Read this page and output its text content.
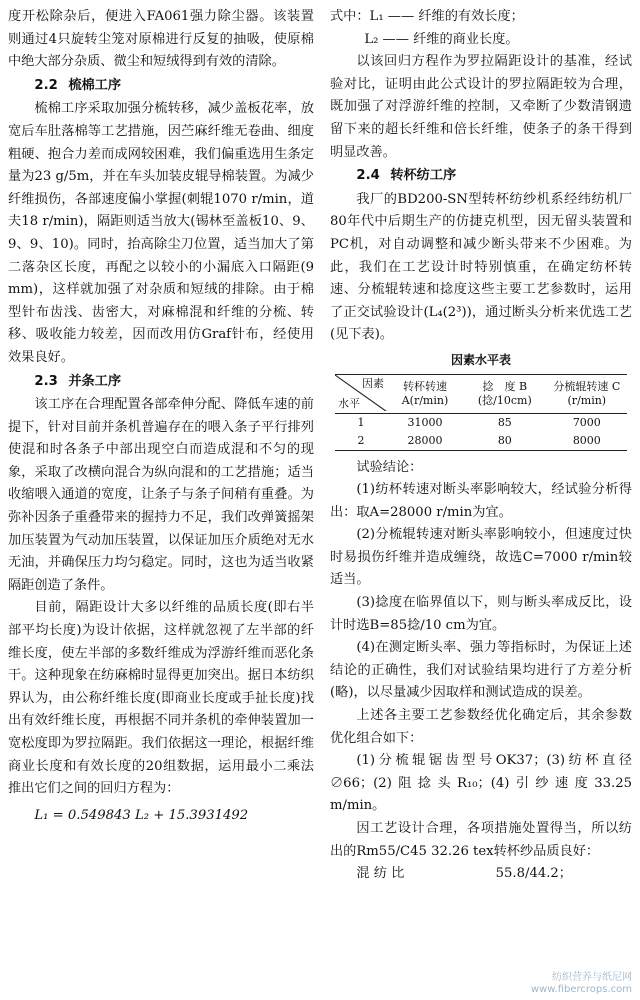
度开松除杂后，便进入FA061强力除尘器。该装置则通过4只旋转尘笼对原棉进行反复的抽吸，使原棉中绝大部分杂质、微尘和短绒得到有效的清除。

2.2 梳棉工序

梳棉工序采取加强分梳转移，减少盖板花率，放宽后车肚落棉等工艺措施，因苎麻纤维无卷曲、细度粗硬、抱合力差而成网较困难，我们偏重选用生条定量为23 g/5m，并在车头加装皮辊导棉装置。为减少纤维损伤，各部速度偏小掌握(刺辊1070 r/min，道夫18 r/min)，隔距则适当放大(锡林至盖板10、9、9、9、10)。同时，抬高除尘刀位置，适当加大了第二落杂区长度，再配之以较小的小漏底入口隔距(9 mm)，这样就加强了对杂质和短绒的排除。由于棉型针布齿浅、齿密大，对麻棉混和纤维的分梳、转移、吸收能力较差，因而改用仿Graf针布，经使用效果良好。

2.3 并条工序

该工序在合理配置各部牵伸分配、降低车速的前提下，针对目前并条机普遍存在的喂入条子平行排列使混和时各条子中部出现空白而造成混和不匀的现象，采取了改横向混合为纵向混和的工艺措施；适当收缩喂入通道的宽度，让条子与条子间稍有重叠。为弥补因条子重叠带来的握持力不足，我们改弹簧摇架加压装置为气动加压装置，以保证加压介质绝对无水无油，并确保压力均匀稳定。同时，这也为适当收紧隔距创造了条件。

目前，隔距设计大多以纤维的品质长度(即右半部平均长度)为设计依据，这样就忽视了左半部的纤维长度，使左半部的多数纤维成为浮游纤维而恶化条干。这种现象在纺麻棉时显得更加突出。据日本纺织界认为，由公称纤维长度(即商业长度或手扯长度)找出有效纤维长度，再根据不同并条机的牵伸装置加一宽松度即为罗拉隔距。我们依据这一理论，根据纤维商业长度和有效长度的20组数据，运用最小二乘法推出它们之间的回归方程为：

L₁ = 0.549843 L₂ + 15.3931492
式中：L₁ —— 纤维的有效长度；
L₂ —— 纤维的商业长度。

以该回归方程作为罗拉隔距设计的基准，经试验对比，证明由此公式设计的罗拉隔距较为合理，既加强了对浮游纤维的控制，又牵断了少数清钢遗留下来的超长纤维和倍长纤维，使条子的条干得到明显改善。

2.4 转杯纺工序

我厂的BD200-SN型转杯纺纱机系经纬纺机厂80年代中后期生产的仿捷克机型，因无留头装置和PC机，对自动调整和减少断头带来不少困难。为此，我们在工艺设计时特别慎重，在确定纺杯转速、分梳辊转速和捻度这些主要工艺参数时，运用了正交试验设计(L₄(2³))，通过断头分析来优选工艺(见下表)。

因素水平表
因素
水平	转杯转速 A(r/min)	捻　度 B (捻/10cm)	分梳辊转速 C (r/min)
1	31000	85	7000
2	28000	80	8000

试验结论：

(1)纺杯转速对断头率影响较大，经试验分析得出：取A=28000 r/min为宜。

(2)分梳辊转速对断头率影响较小，但速度过快时易损伤纤维并造成缠绕，故选C=7000 r/min较适当。

(3)捻度在临界值以下，则与断头率成反比，设计时选B=85捻/10 cm为宜。

(4)在测定断头率、强力等指标时，为保证上述结论的正确性，我们对试验结果均进行了方差分析(略)，以尽量减少因取样和测试造成的误差。

上述各主要工艺参数经优化确定后，其余参数优化组合如下：

(1)分梳辊锯齿型号OK37；(3)纺杯直径∅66；(2)阻捻头R₁₀；(4)引纱速度33.25 m/min。

因工艺设计合理，各项措施处置得当，所以纺出的Rm55/C45 32.26 tex转杯纱品质良好：

混 纺 比	55.8/44.2；
纺织营养与纸尼网
www.fibercrops.com
